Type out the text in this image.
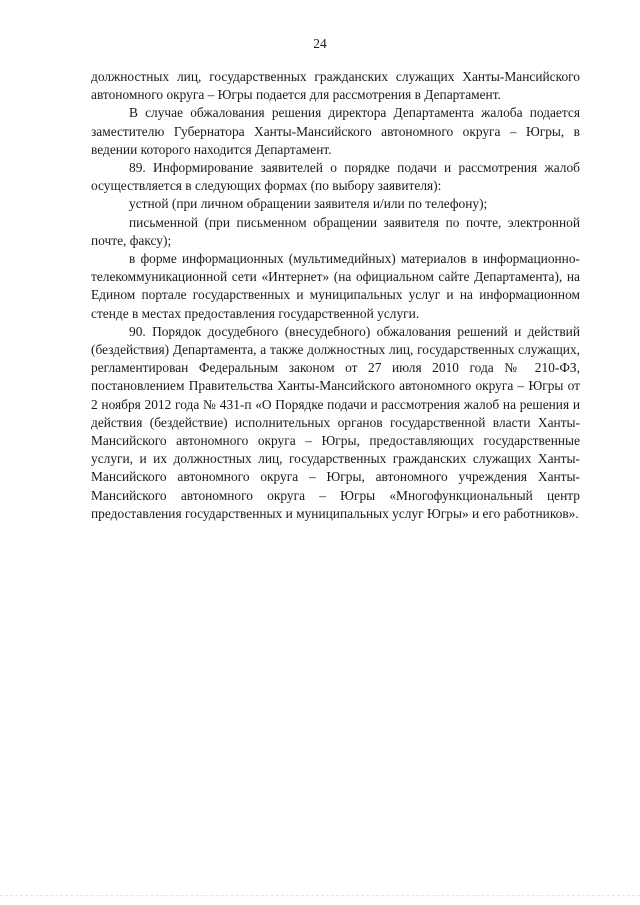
24

должностных лиц, государственных гражданских служащих Ханты-Мансийского автономного округа – Югры подается для рассмотрения в Департамент.

В случае обжалования решения директора Департамента жалоба подается заместителю Губернатора Ханты-Мансийского автономного округа – Югры, в ведении которого находится Департамент.

89. Информирование заявителей о порядке подачи и рассмотрения жалоб осуществляется в следующих формах (по выбору заявителя):

устной (при личном обращении заявителя и/или по телефону);

письменной (при письменном обращении заявителя по почте, электронной почте, факсу);

в форме информационных (мультимедийных) материалов в информационно-телекоммуникационной сети «Интернет» (на официальном сайте Департамента), на Едином портале государственных и муниципальных услуг и на информационном стенде в местах предоставления государственной услуги.

90. Порядок досудебного (внесудебного) обжалования решений и действий (бездействия) Департамента, а также должностных лиц, государственных служащих, регламентирован Федеральным законом от 27 июля 2010 года № 210-ФЗ, постановлением Правительства Ханты-Мансийского автономного округа – Югры от 2 ноября 2012 года № 431-п «О Порядке подачи и рассмотрения жалоб на решения и действия (бездействие) исполнительных органов государственной власти Ханты-Мансийского автономного округа – Югры, предоставляющих государственные услуги, и их должностных лиц, государственных гражданских служащих Ханты-Мансийского автономного округа – Югры, автономного учреждения Ханты-Мансийского автономного округа – Югры «Многофункциональный центр предоставления государственных и муниципальных услуг Югры» и его работников».
